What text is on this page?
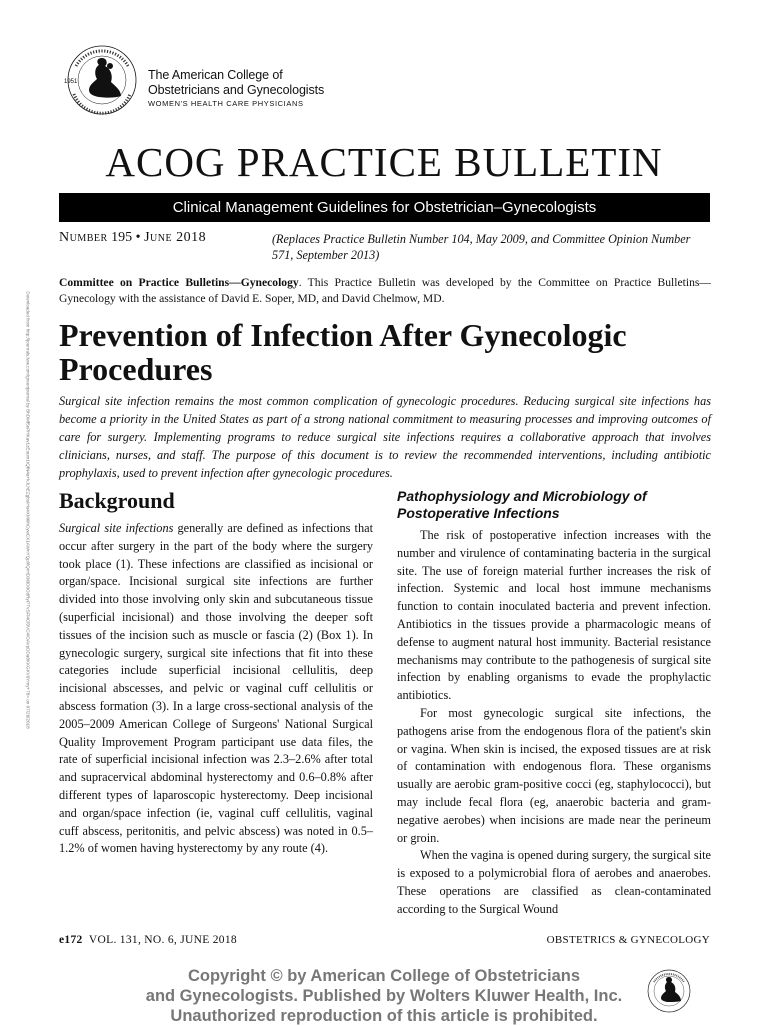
1951	The American College of
Obstetricians and Gynecologists
WOMEN'S HEALTH CARE PHYSICIANS
ACOG PRACTICE BULLETIN
Clinical Management Guidelines for Obstetrician–Gynecologists
Number 195 • June 2018	(Replaces Practice Bulletin Number 104, May 2009, and Committee Opinion Number 571, September 2013)
Committee on Practice Bulletins—Gynecology. This Practice Bulletin was developed by the Committee on Practice Bulletins—Gynecology with the assistance of David E. Soper, MD, and David Chelmow, MD.
Downloaded from http://journals.lww.com/greenjournal by BhDMf5ePHKav1zEoum1tQfN4a+kJLhEZgbsIHo4XMi0hCywCX1AWnYQp/IlQrHD3i3D0OdRyi7TvSFl4Cf3VC4/OAVpDDa8KKGKV0Ymy+78= on 07/26/2018 Prevention of Infection After Gynecologic Procedures
Surgical site infection remains the most common complication of gynecologic procedures. Reducing surgical site infections has become a priority in the United States as part of a strong national commitment to measuring processes and improving outcomes of care for surgery. Implementing programs to reduce surgical site infections requires a collaborative approach that involves clinicians, nurses, and staff. The purpose of this document is to review the recommended interventions, including antibiotic prophylaxis, used to prevent infection after gynecologic procedures.
Background

Surgical site infections generally are defined as infections that occur after surgery in the part of the body where the surgery took place (1). These infections are classified as incisional or organ/space. Incisional surgical site infections are further divided into those involving only skin and subcutaneous tissue (superficial incisional) and those involving the deeper soft tissues of the incision such as muscle or fascia (2) (Box 1). In gynecologic surgery, surgical site infections that fit into these categories include superficial incisional cellulitis, deep incisional abscesses, and pelvic or vaginal cuff cellulitis or abscess formation (3). In a large cross-sectional analysis of the 2005–2009 American College of Surgeons' National Surgical Quality Improvement Program participant use data files, the rate of superficial incisional infection was 2.3–2.6% after total and supracervical abdominal hysterectomy and 0.6–0.8% after different types of laparoscopic hysterectomy. Deep incisional and organ/space infection (ie, vaginal cuff cellulitis, vaginal cuff abscess, peritonitis, and pelvic abscess) was noted in 0.5–1.2% of women having hysterectomy by any route (4).

Pathophysiology and Microbiology of Postoperative Infections

The risk of postoperative infection increases with the number and virulence of contaminating bacteria in the surgical site. The use of foreign material further increases the risk of infection. Systemic and local host immune mechanisms function to contain inoculated bacteria and prevent infection. Antibiotics in the tissues provide a pharmacologic means of defense to augment natural host immunity. Bacterial resistance mechanisms may contribute to the pathogenesis of surgical site infection by enabling organisms to evade the prophylactic antibiotics.

For most gynecologic surgical site infections, the pathogens arise from the endogenous flora of the patient's skin or vagina. When skin is incised, the exposed tissues are at risk of contamination with endogenous flora. These organisms usually are aerobic gram-positive cocci (eg, staphylococci), but may include fecal flora (eg, anaerobic bacteria and gram-negative aerobes) when incisions are made near the perineum or groin.

When the vagina is opened during surgery, the surgical site is exposed to a polymicrobial flora of aerobes and anaerobes. These operations are classified as clean-contaminated according to the Surgical Wound

e172 VOL. 131, NO. 6, JUNE 2018	OBSTETRICS & GYNECOLOGY
Copyright © by American College of Obstetricians
and Gynecologists. Published by Wolters Kluwer Health, Inc.
Unauthorized reproduction of this article is prohibited.
